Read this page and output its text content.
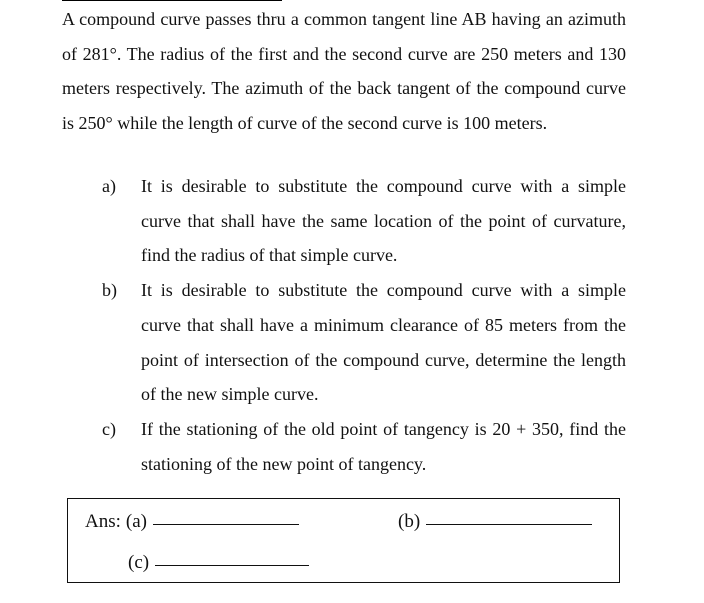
A compound curve passes thru a common tangent line AB having an azimuth of 281°. The radius of the first and the second curve are 250 meters and 130 meters respectively. The azimuth of the back tangent of the compound curve is 250° while the length of curve of the second curve is 100 meters.

a)	It is desirable to substitute the compound curve with a simple curve that shall have the same location of the point of curvature, find the radius of that simple curve.
b)	It is desirable to substitute the compound curve with a simple curve that shall have a minimum clearance of 85 meters from the point of intersection of the compound curve, determine the length of the new simple curve.
c)	If the stationing of the old point of tangency is 20 + 350, find the stationing of the new point of tangency.
Ans: (a)	(b)
(c)
